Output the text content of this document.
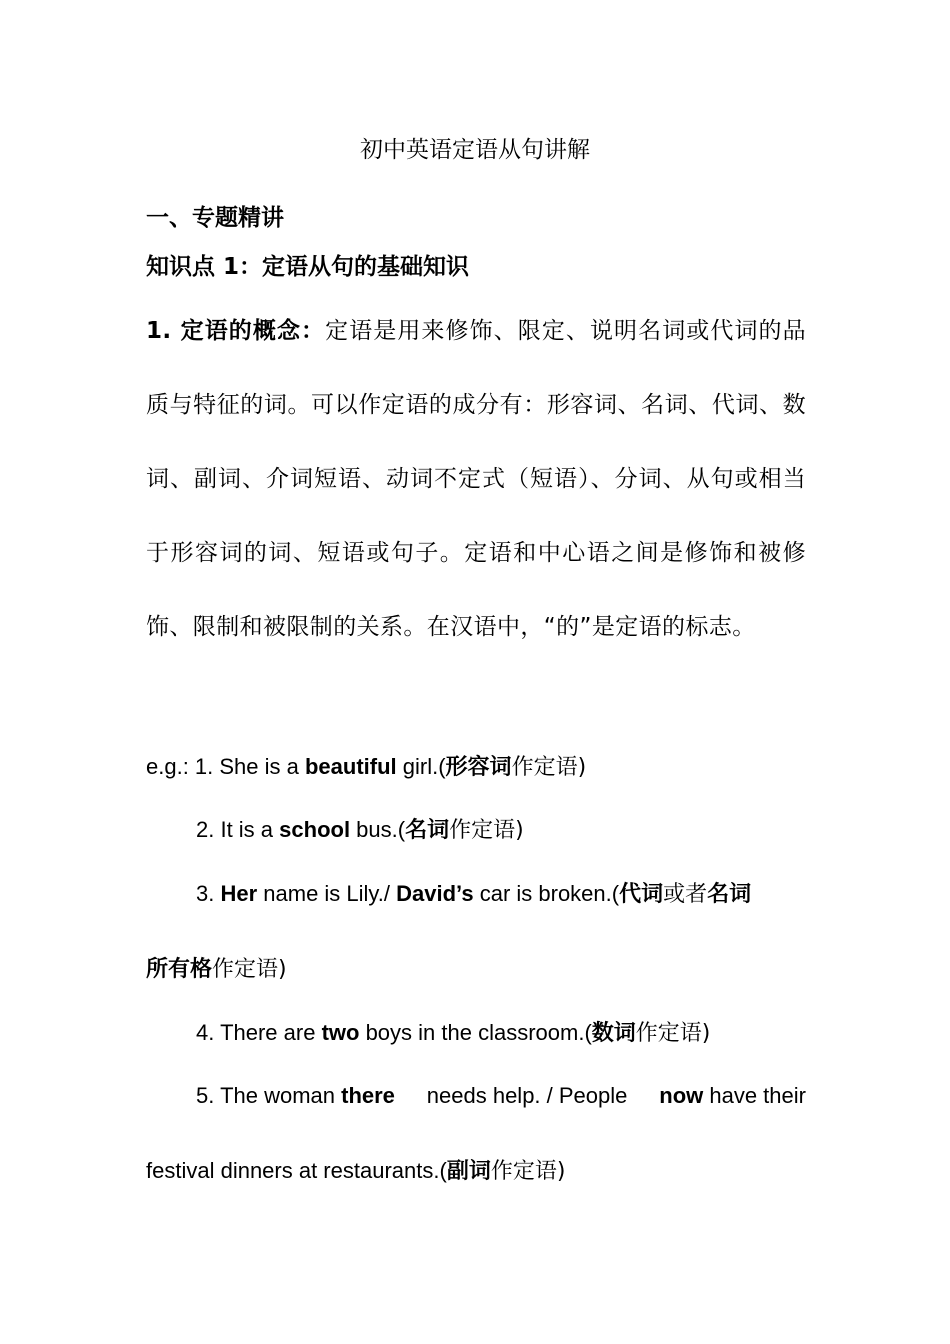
初中英语定语从句讲解
一、专题精讲
知识点 1：定语从句的基础知识
1. 定语的概念：定语是用来修饰、限定、说明名词或代词的品质与特征的词。可以作定语的成分有：形容词、名词、代词、数词、副词、介词短语、动词不定式（短语）、分词、从句或相当于形容词的词、短语或句子。定语和中心语之间是修饰和被修饰、限制和被限制的关系。在汉语中，“的”是定语的标志。
e.g.: 1. She is a beautiful girl.(形容词作定语)
2. It is a school bus.(名词作定语)
3. Her name is Lily./ David’s car is broken.(代词或者名词
所有格作定语)
4. There are two boys in the classroom.(数词作定语)
5. The woman there needs help. / People now have their
festival dinners at restaurants.(副词作定语)
